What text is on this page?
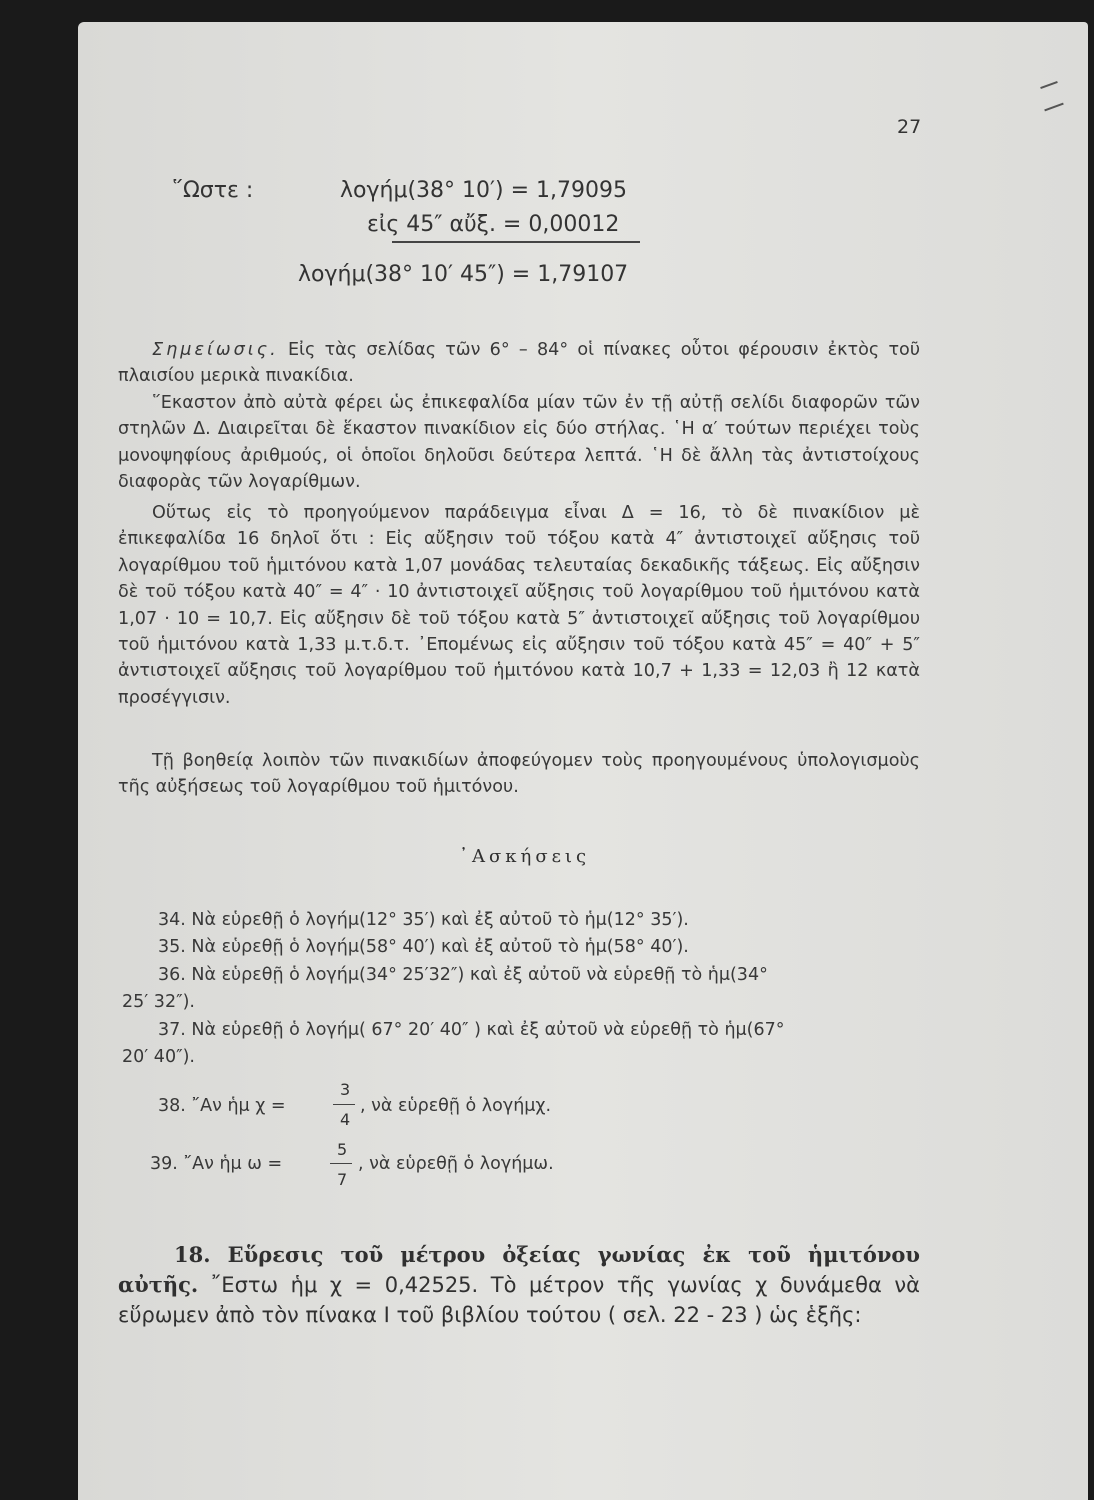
27
῞Ωστε :	λογήμ(38° 10′) = 1,79095
εἰς 45″ αὔξ. = 0,00012
λογήμ(38° 10′ 45″) = 1,79107
Σημείωσις. Εἰς τὰς σελίδας τῶν 6° – 84° οἱ πίνακες οὗτοι φέρουσιν ἐκτὸς τοῦ πλαισίου μερικὰ πινακίδια.
῞Εκαστον ἀπὸ αὐτὰ φέρει ὡς ἐπικεφαλίδα μίαν τῶν ἐν τῇ αὐτῇ σελίδι διαφορῶν τῶν στηλῶν Δ. Διαιρεῖται δὲ ἕκαστον πινακίδιον εἰς δύο στήλας. ῾Η α′ τούτων περιέχει τοὺς μονοψηφίους ἀριθμούς, οἱ ὁποῖοι δηλοῦσι δεύτερα λεπτά. ῾Η δὲ ἄλλη τὰς ἀντιστοίχους διαφορὰς τῶν λογαρίθμων.
Οὕτως εἰς τὸ προηγούμενον παράδειγμα εἶναι Δ = 16, τὸ δὲ πινακίδιον μὲ ἐπικεφαλίδα 16 δηλοῖ ὅτι : Εἰς αὔξησιν τοῦ τόξου κατὰ 4″ ἀντιστοιχεῖ αὔξησις τοῦ λογαρίθμου τοῦ ἡμιτόνου κατὰ 1,07 μονάδας τελευταίας δεκαδικῆς τάξεως. Εἰς αὔξησιν δὲ τοῦ τόξου κατὰ 40″ = 4″ · 10 ἀντιστοιχεῖ αὔξησις τοῦ λογαρίθμου τοῦ ἡμιτόνου κατὰ 1,07 · 10 = 10,7. Εἰς αὔξησιν δὲ τοῦ τόξου κατὰ 5″ ἀντιστοιχεῖ αὔξησις τοῦ λογαρίθμου τοῦ ἡμιτόνου κατὰ 1,33 μ.τ.δ.τ. ᾿Επομένως εἰς αὔξησιν τοῦ τόξου κατὰ 45″ = 40″ + 5″ ἀντιστοιχεῖ αὔξησις τοῦ λογαρίθμου τοῦ ἡμιτόνου κατὰ 10,7 + 1,33 = 12,03 ἢ 12 κατὰ προσέγγισιν.
Τῇ βοηθείᾳ λοιπὸν τῶν πινακιδίων ἀποφεύγομεν τοὺς προηγουμένους ὑπολογισμοὺς τῆς αὐξήσεως τοῦ λογαρίθμου τοῦ ἡμιτόνου.
᾿Ασκήσεις
34. Νὰ εὑρεθῇ ὁ λογήμ(12° 35′) καὶ ἐξ αὐτοῦ τὸ ἡμ(12° 35′).
35. Νὰ εὑρεθῇ ὁ λογήμ(58° 40′) καὶ ἐξ αὐτοῦ τὸ ἡμ(58° 40′).
36. Νὰ εὑρεθῇ ὁ λογήμ(34° 25′32″) καὶ ἐξ αὐτοῦ νὰ εὑρεθῇ τὸ ἡμ(34°
25′ 32″).
37. Νὰ εὑρεθῇ ὁ λογήμ( 67° 20′ 40″ ) καὶ ἐξ αὐτοῦ νὰ εὑρεθῇ τὸ ἡμ(67°
20′ 40″).
38. ῎Αν ἡμ χ =
3
4
, νὰ εὑρεθῇ ὁ λογήμχ.
39. ῎Αν ἡμ ω =
5
7
, νὰ εὑρεθῇ ὁ λογήμω.
18. Εὕρεσις τοῦ μέτρου ὀξείας γωνίας ἐκ τοῦ ἡμιτόνου αὐτῆς. ῎Εστω ἡμ χ = 0,42525. Τὸ μέτρον τῆς γωνίας χ δυνάμεθα νὰ εὕρωμεν ἀπὸ τὸν πίνακα Ι τοῦ βιβλίου τούτου ( σελ. 22 - 23 ) ὡς ἑξῆς:
